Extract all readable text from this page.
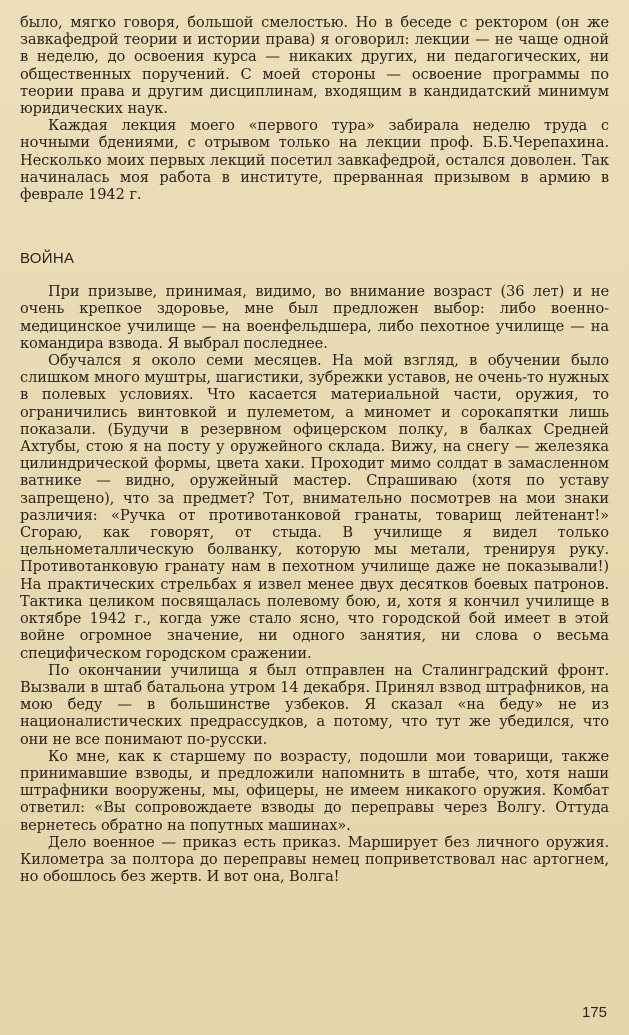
было, мягко говоря, большой смелостью. Но в беседе с ректором (он же завкафедрой теории и истории права) я оговорил: лекции — не чаще одной в неделю, до освоения курса — никаких других, ни педагогических, ни общественных поручений. С моей стороны — освоение программы по теории права и другим дисциплинам, входящим в кандидатский минимум юридических наук.

Каждая лекция моего «первого тура» забирала неделю труда с ночными бдениями, с отрывом только на лекции проф. Б.Б.Черепахина. Несколько моих первых лекций посетил завкафедрой, остался доволен. Так начиналась моя работа в институте, прерванная призывом в армию в феврале 1942 г.

ВОЙНА

При призыве, принимая, видимо, во внимание возраст (36 лет) и не очень крепкое здоровье, мне был предложен выбор: либо военно-медицинское училище — на военфельдшера, либо пехотное училище — на командира взвода. Я выбрал последнее.

Обучался я около семи месяцев. На мой взгляд, в обучении было слишком много муштры, шагистики, зубрежки уставов, не очень-то нужных в полевых условиях. Что касается материальной части, оружия, то ограничились винтовкой и пулеметом, а миномет и сорокапятки лишь показали. (Будучи в резервном офицерском полку, в балках Средней Ахтубы, стою я на посту у оружейного склада. Вижу, на снегу — железяка цилиндрической формы, цвета хаки. Проходит мимо солдат в замасленном ватнике — видно, оружейный мастер. Спрашиваю (хотя по уставу запрещено), что за предмет? Тот, внимательно посмотрев на мои знаки различия: «Ручка от противотанковой гранаты, товарищ лейтенант!» Сгораю, как говорят, от стыда. В училище я видел только цельнометаллическую болванку, которую мы метали, тренируя руку. Противотанковую гранату нам в пехотном училище даже не показывали!) На практических стрельбах я извел менее двух десятков боевых патронов. Тактика целиком посвящалась полевому бою, и, хотя я кончил училище в октябре 1942 г., когда уже стало ясно, что городской бой имеет в этой войне огромное значение, ни одного занятия, ни слова о весьма специфическом городском сражении.

По окончании училища я был отправлен на Сталинградский фронт. Вызвали в штаб батальона утром 14 декабря. Принял взвод штрафников, на мою беду — в большинстве узбеков. Я сказал «на беду» не из националистических предрассудков, а потому, что тут же убедился, что они не все понимают по-русски.

Ко мне, как к старшему по возрасту, подошли мои товарищи, также принимавшие взводы, и предложили напомнить в штабе, что, хотя наши штрафники вооружены, мы, офицеры, не имеем никакого оружия. Комбат ответил: «Вы сопровождаете взводы до переправы через Волгу. Оттуда вернетесь обратно на попутных машинах».

Дело военное — приказ есть приказ. Марширует без личного оружия. Километра за полтора до переправы немец поприветствовал нас артогнем, но обошлось без жертв. И вот она, Волга!

175
